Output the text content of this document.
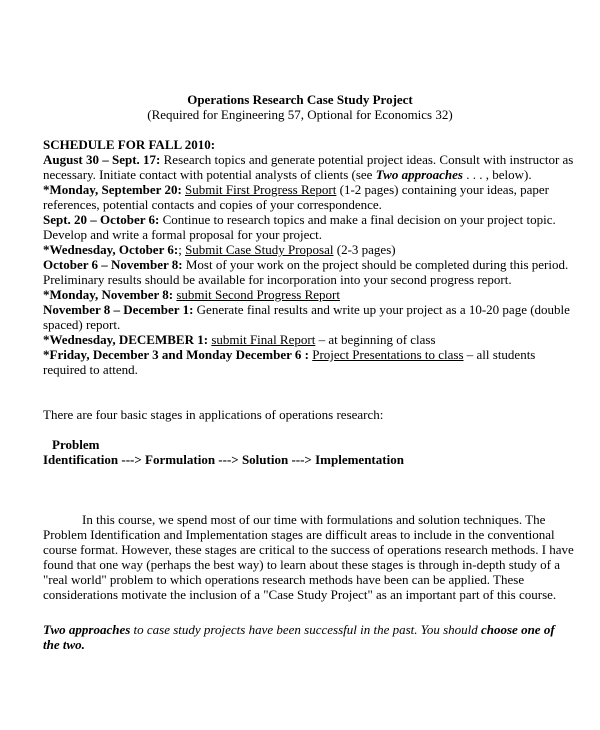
Operations Research Case Study Project
(Required for Engineering 57, Optional for Economics 32)
SCHEDULE FOR FALL 2010:
August 30 – Sept. 17: Research topics and generate potential project ideas. Consult with instructor as
necessary. Initiate contact with potential analysts of clients (see Two approaches . . . , below).
*Monday, September 20: Submit First Progress Report (1-2 pages) containing your ideas, paper
references, potential contacts and copies of your correspondence.
Sept. 20 – October 6: Continue to research topics and make a final decision on your project topic.
Develop and write a formal proposal for your project.
*Wednesday, October 6:; Submit Case Study Proposal (2-3 pages)
October 6 – November 8: Most of your work on the project should be completed during this period.
Preliminary results should be available for incorporation into your second progress report.
*Monday, November 8: submit Second Progress Report
November 8 – December 1: Generate final results and write up your project as a 10-20 page (double
spaced) report.
*Wednesday, DECEMBER 1: submit Final Report – at beginning of class
*Friday, December 3 and Monday December 6 : Project Presentations to class – all students
required to attend.
There are four basic stages in applications of operations research:
Problem
Identification ---> Formulation ---> Solution ---> Implementation
In this course, we spend most of our time with formulations and solution techniques. The
Problem Identification and Implementation stages are difficult areas to include in the conventional
course format. However, these stages are critical to the success of operations research methods. I have
found that one way (perhaps the best way) to learn about these stages is through in-depth study of a
"real world" problem to which operations research methods have been can be applied. These
considerations motivate the inclusion of a "Case Study Project" as an important part of this course.
Two approaches to case study projects have been successful in the past. You should choose one of
the two.
